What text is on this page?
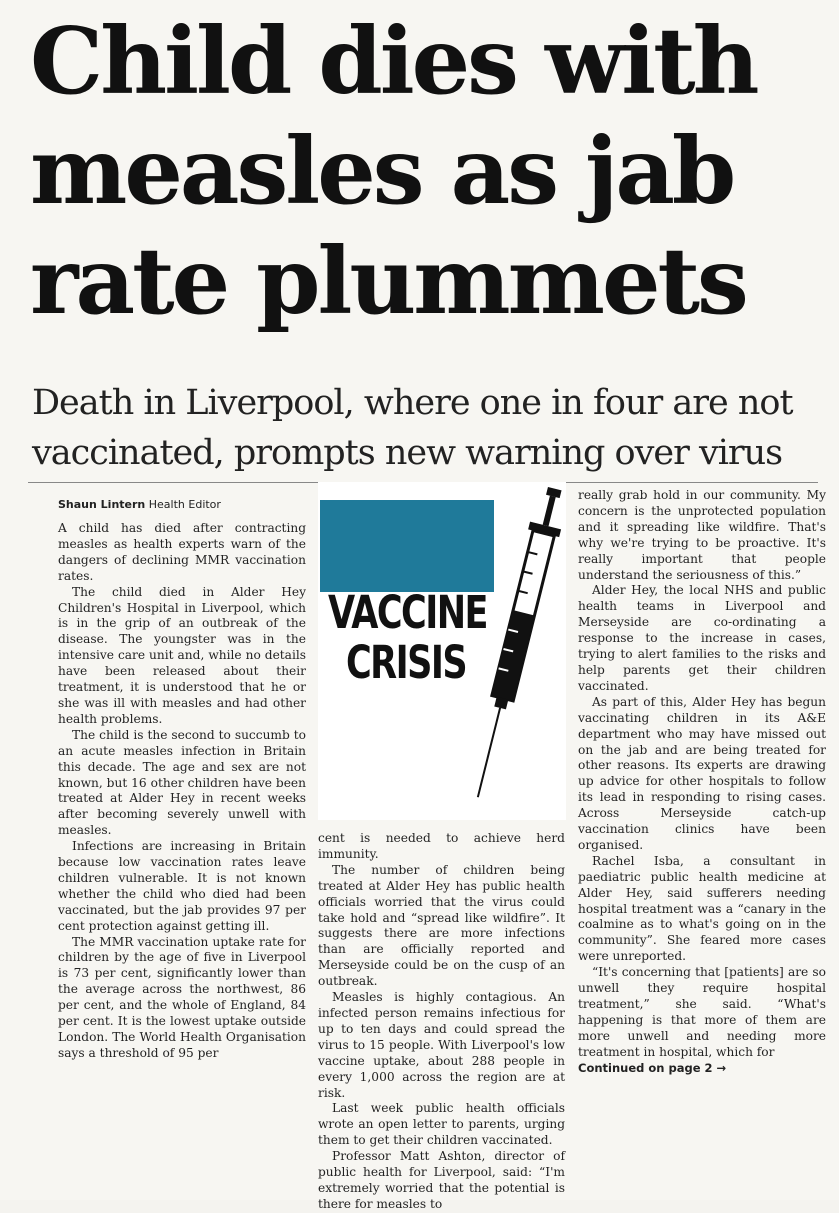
Child dies with
measles as jab
rate plummets
Death in Liverpool, where one in four are not
vaccinated, prompts new warning over virus
Shaun Lintern Health Editor

A child has died after contracting measles as health experts warn of the dangers of declining MMR vaccination rates.

The child died in Alder Hey Children's Hospital in Liverpool, which is in the grip of an outbreak of the disease. The youngster was in the intensive care unit and, while no details have been released about their treatment, it is understood that he or she was ill with measles and had other health problems.

The child is the second to succumb to an acute measles infection in Britain this decade. The age and sex are not known, but 16 other children have been treated at Alder Hey in recent weeks after becoming severely unwell with measles.

Infections are increasing in Britain because low vaccination rates leave children vulnerable. It is not known whether the child who died had been vaccinated, but the jab provides 97 per cent protection against getting ill.

The MMR vaccination uptake rate for children by the age of five in Liverpool is 73 per cent, significantly lower than the average across the northwest, 86 per cent, and the whole of England, 84 per cent. It is the lowest uptake outside London. The World Health Organisation says a threshold of 95 per

VACCINE
CRISIS

cent is needed to achieve herd immunity.

The number of children being treated at Alder Hey has public health officials worried that the virus could take hold and “spread like wildfire”. It suggests there are more infections than are officially reported and Merseyside could be on the cusp of an outbreak.

Measles is highly contagious. An infected person remains infectious for up to ten days and could spread the virus to 15 people. With Liverpool's low vaccine uptake, about 288 people in every 1,000 across the region are at risk.

Last week public health officials wrote an open letter to parents, urging them to get their children vaccinated.

Professor Matt Ashton, director of public health for Liverpool, said: “I'm extremely worried that the potential is there for measles to

really grab hold in our community. My concern is the unprotected population and it spreading like wildfire. That's why we're trying to be proactive. It's really important that people understand the seriousness of this.”

Alder Hey, the local NHS and public health teams in Liverpool and Merseyside are co-ordinating a response to the increase in cases, trying to alert families to the risks and help parents get their children vaccinated.

As part of this, Alder Hey has begun vaccinating children in its A&E department who may have missed out on the jab and are being treated for other reasons. Its experts are drawing up advice for other hospitals to follow its lead in responding to rising cases. Across Merseyside catch-up vaccination clinics have been organised.

Rachel Isba, a consultant in paediatric public health medicine at Alder Hey, said sufferers needing hospital treatment was a “canary in the coalmine as to what's going on in the community”. She feared more cases were unreported.

“It's concerning that [patients] are so unwell they require hospital treatment,” she said. “What's happening is that more of them are more unwell and needing more treatment in hospital, which for

Continued on page 2 →
